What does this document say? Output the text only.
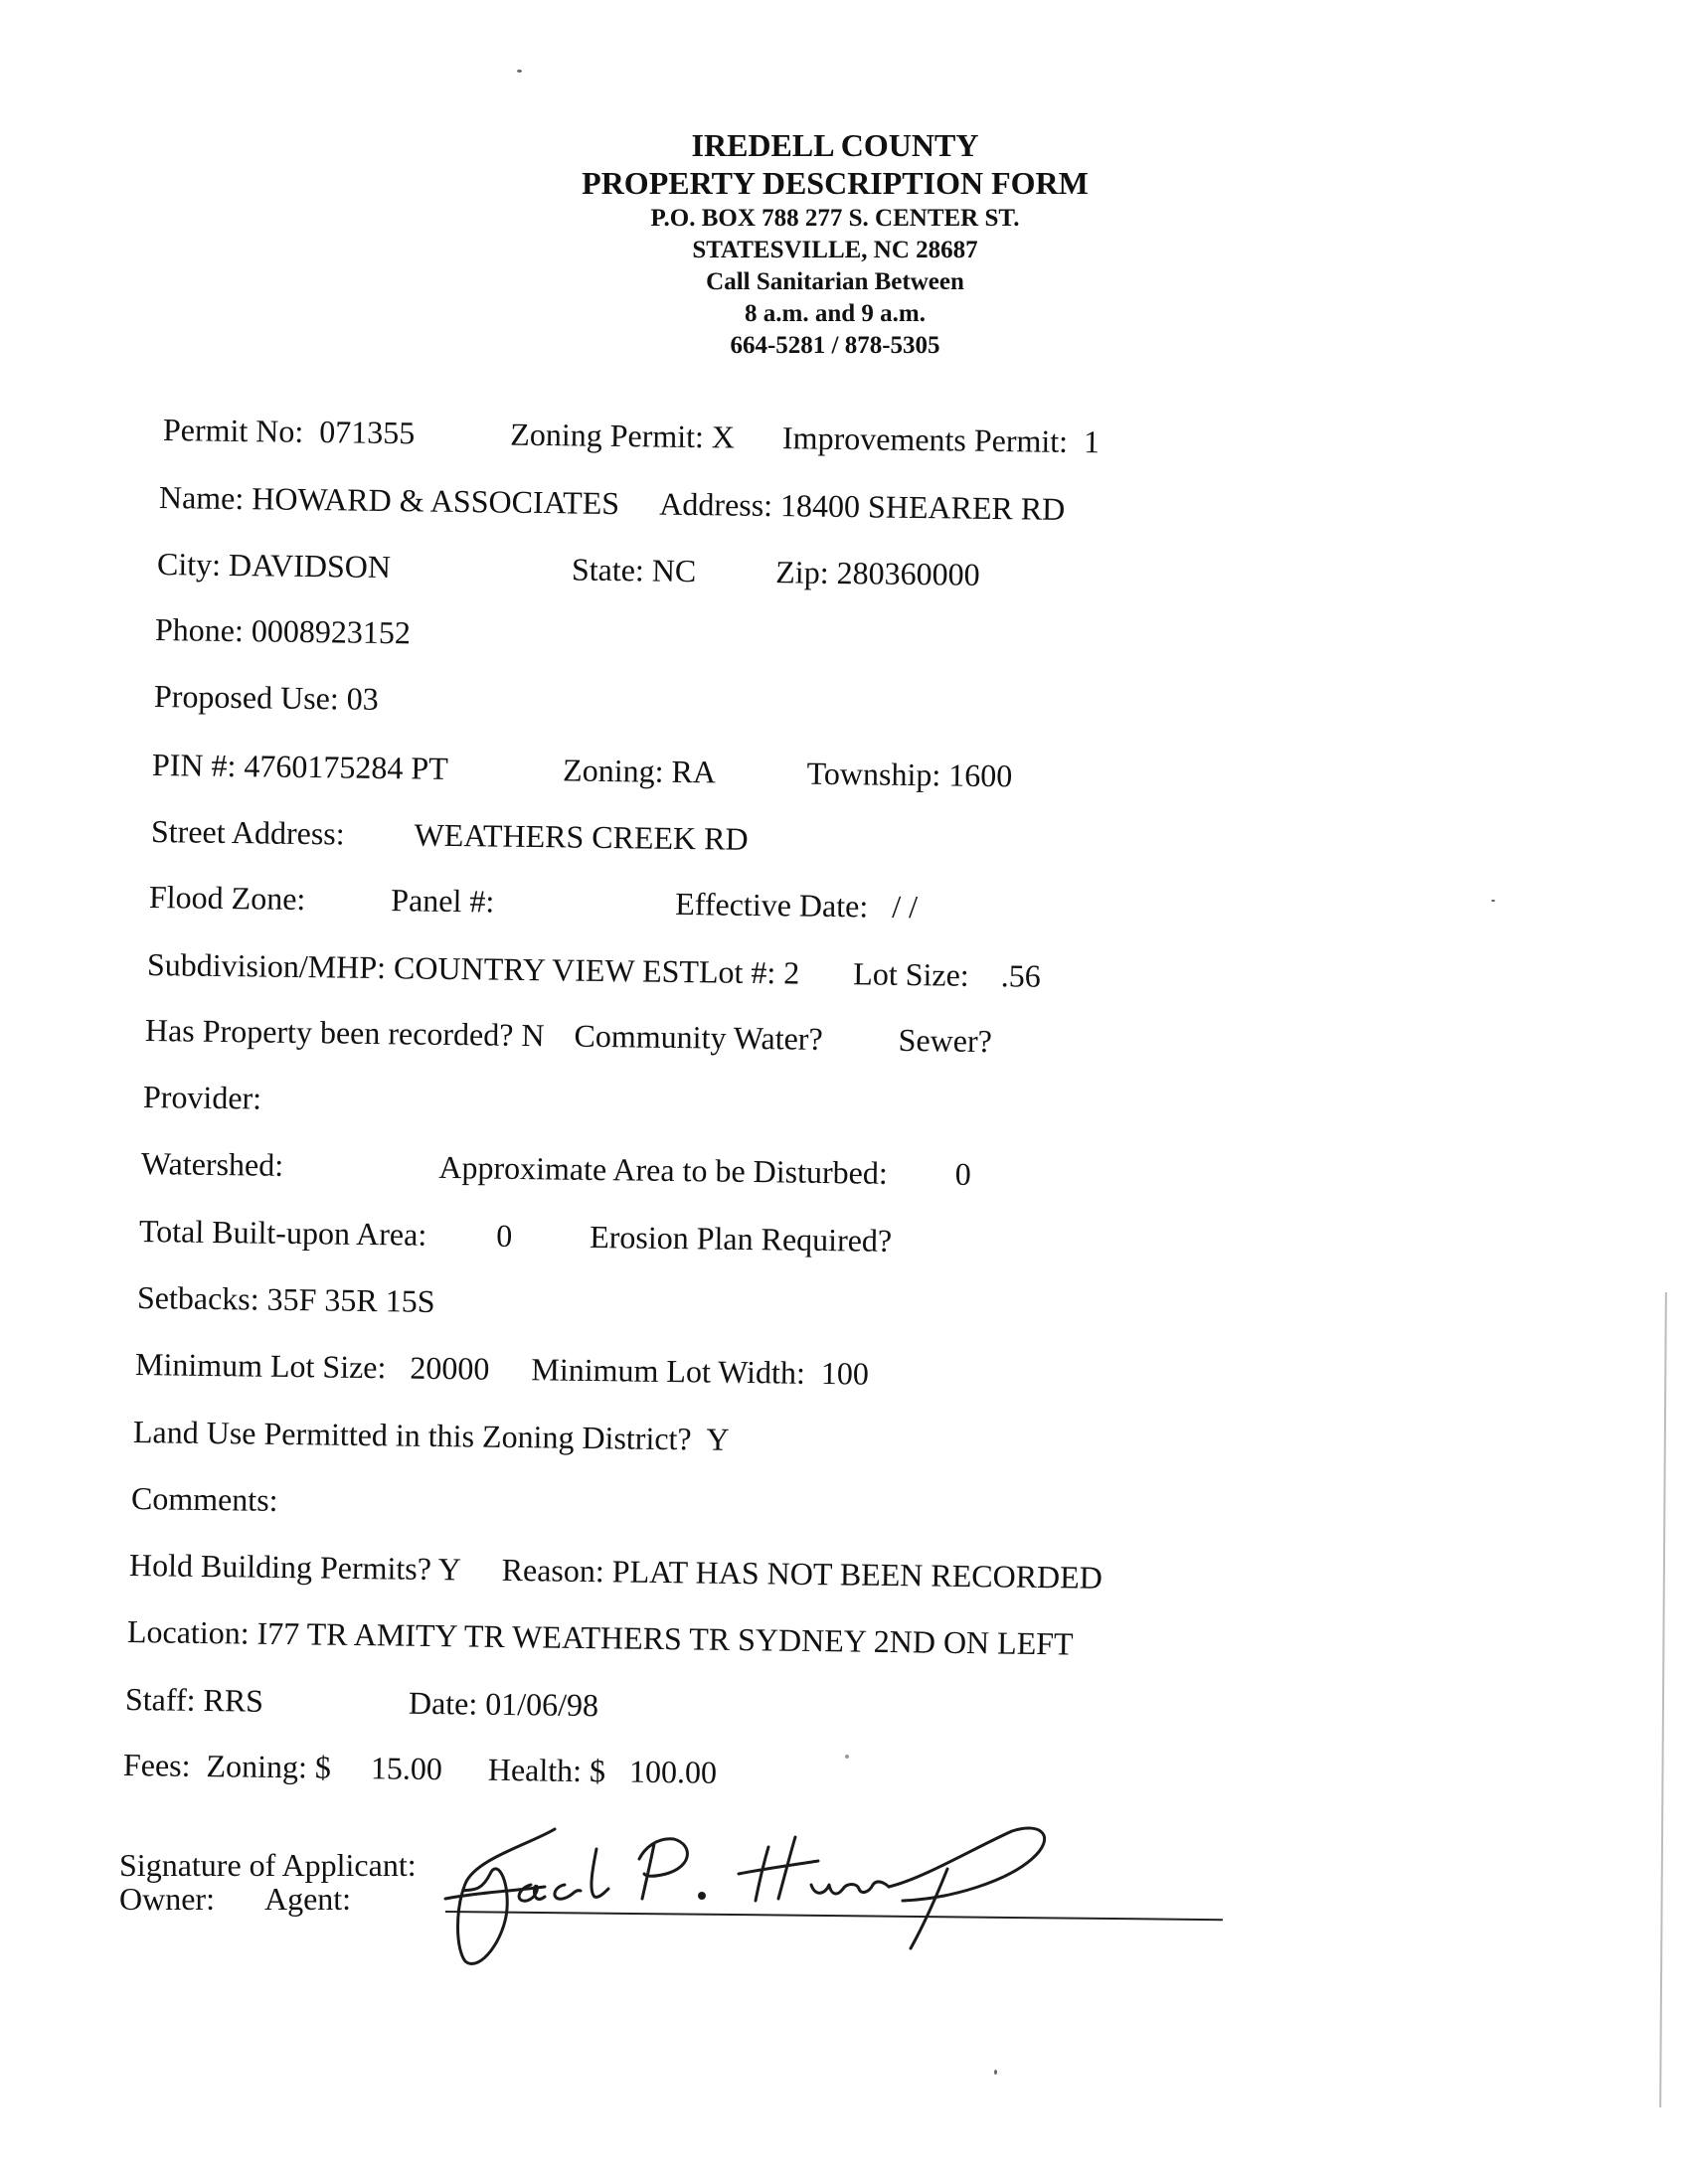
IREDELL COUNTY
PROPERTY DESCRIPTION FORM
P.O. BOX 788 277 S. CENTER ST.
STATESVILLE, NC 28687
Call Sanitarian Between
8 a.m. and 9 a.m.
664-5281 / 878-5305
Permit No: 071355	Zoning Permit: X Improvements Permit: 1
Name: HOWARD & ASSOCIATES Address: 18400 SHEARER RD
City: DAVIDSON	State: NC Zip: 280360000
Phone: 0008923152
Proposed Use: 03
PIN #: 4760175284 PT	Zoning: RA	Township: 1600
Street Address: WEATHERS CREEK RD
Flood Zone:	Panel #:	Effective Date: / /
Subdivision/MHP: COUNTRY VIEW ESTLot #: 2 Lot Size: .56
Has Property been recorded? N Community Water? Sewer?
Provider:
Watershed:	Approximate Area to be Disturbed: 0
Total Built-upon Area: 0 Erosion Plan Required?
Setbacks: 35F 35R 15S
Minimum Lot Size: 20000 Minimum Lot Width: 100
Land Use Permitted in this Zoning District? Y
Comments:
Hold Building Permits? Y Reason: PLAT HAS NOT BEEN RECORDED
Location: I77 TR AMITY TR WEATHERS TR SYDNEY 2ND ON LEFT
Staff: RRS	Date: 01/06/98
Fees: Zoning: $ 15.00 Health: $ 100.00
Signature of Applicant:
Owner: Agent:
